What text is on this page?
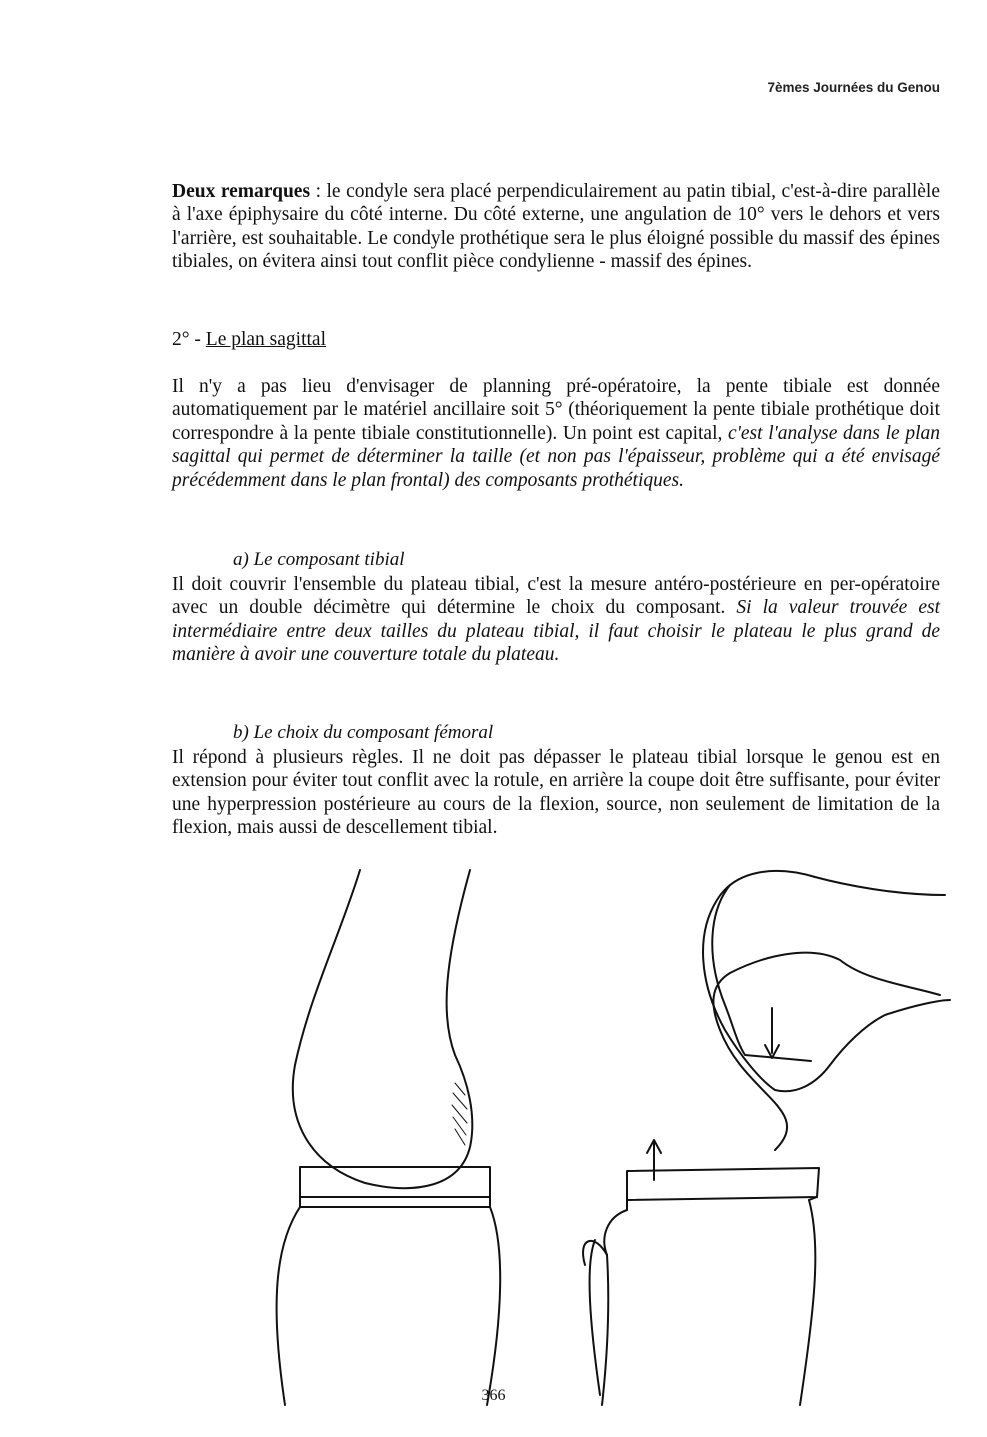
7èmes Journées du Genou

Deux remarques : le condyle sera placé perpendiculairement au patin tibial, c'est-à-dire parallèle à l'axe épiphysaire du côté interne. Du côté externe, une angulation de 10° vers le dehors et vers l'arrière, est souhaitable. Le condyle prothétique sera le plus éloigné possible du massif des épines tibiales, on évitera ainsi tout conflit pièce condylienne - massif des épines.

2° - Le plan sagittal

Il n'y a pas lieu d'envisager de planning pré-opératoire, la pente tibiale est donnée automatiquement par le matériel ancillaire soit 5° (théoriquement la pente tibiale prothétique doit correspondre à la pente tibiale constitutionnelle). Un point est capital, c'est l'analyse dans le plan sagittal qui permet de déterminer la taille (et non pas l'épaisseur, problème qui a été envisagé précédemment dans le plan frontal) des composants prothétiques.

a) Le composant tibial

Il doit couvrir l'ensemble du plateau tibial, c'est la mesure antéro-postérieure en per-opératoire avec un double décimètre qui détermine le choix du composant. Si la valeur trouvée est intermédiaire entre deux tailles du plateau tibial, il faut choisir le plateau le plus grand de manière à avoir une couverture totale du plateau.

b) Le choix du composant fémoral

Il répond à plusieurs règles. Il ne doit pas dépasser le plateau tibial lorsque le genou est en extension pour éviter tout conflit avec la rotule, en arrière la coupe doit être suffisante, pour éviter une hyperpression postérieure au cours de la flexion, source, non seulement de limitation de la flexion, mais aussi de descellement tibial.

366
